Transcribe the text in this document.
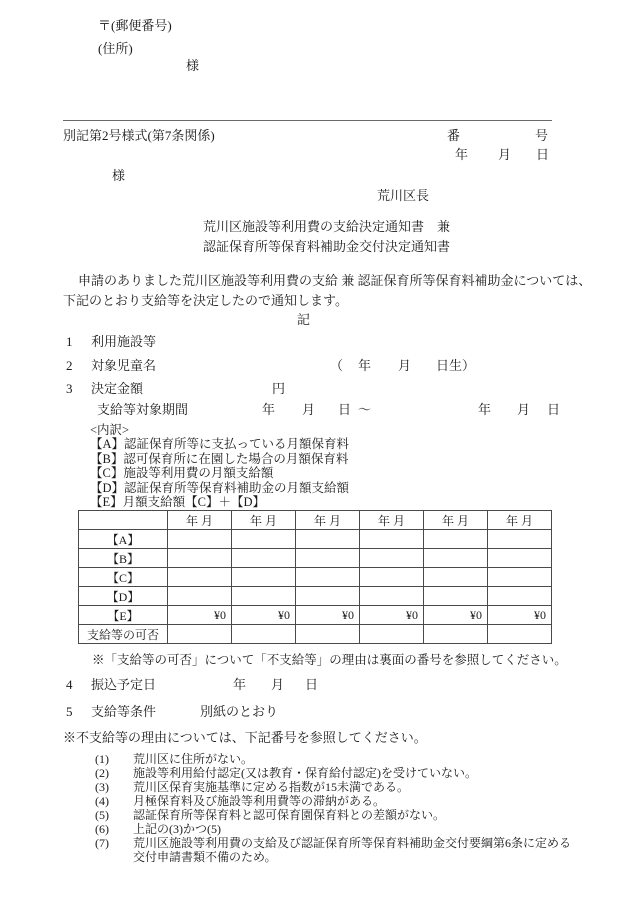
〒(郵便番号)
(住所)
様
別記第2号様式(第7条関係)	番	号
年 月 日
様
荒川区長
荒川区施設等利用費の支給決定通知書　兼
認証保育所等保育料補助金交付決定通知書
申請のありました荒川区施設等利用費の支給 兼 認証保育所等保育料補助金については、
下記のとおり支給等を決定したので通知します。
記
1 利用施設等
2 対象児童名	（ 年 月 日生）
3 決定金額	円
支給等対象期間	年 月 日 ～	年 月 日
<内訳>
【A】認証保育所等に支払っている月額保育料
【B】認可保育所に在園した場合の月額保育料
【C】施設等利用費の月額支給額
【D】認証保育所等保育料補助金の月額支給額
【E】月額支給額【C】＋【D】
	年 月	年 月	年 月	年 月	年 月	年 月
【A】						
【B】						
【C】						
【D】						
【E】	¥0	¥0	¥0	¥0	¥0	¥0
支給等の可否						
※「支給等の可否」について「不支給等」の理由は裏面の番号を参照してください。
4 振込予定日	年 月 日
5 支給等条件	別紙のとおり
※不支給等の理由については、下記番号を参照してください。
(1) 荒川区に住所がない。
(2) 施設等利用給付認定(又は教育・保育給付認定)を受けていない。
(3) 荒川区保育実施基準に定める指数が15未満である。
(4) 月極保育料及び施設等利用費等の滞納がある。
(5) 認証保育所等保育料と認可保育園保育料との差額がない。
(6) 上記の(3)かつ(5)
(7) 荒川区施設等利用費の支給及び認証保育所等保育料補助金交付要綱第6条に定める
交付申請書類不備のため。
